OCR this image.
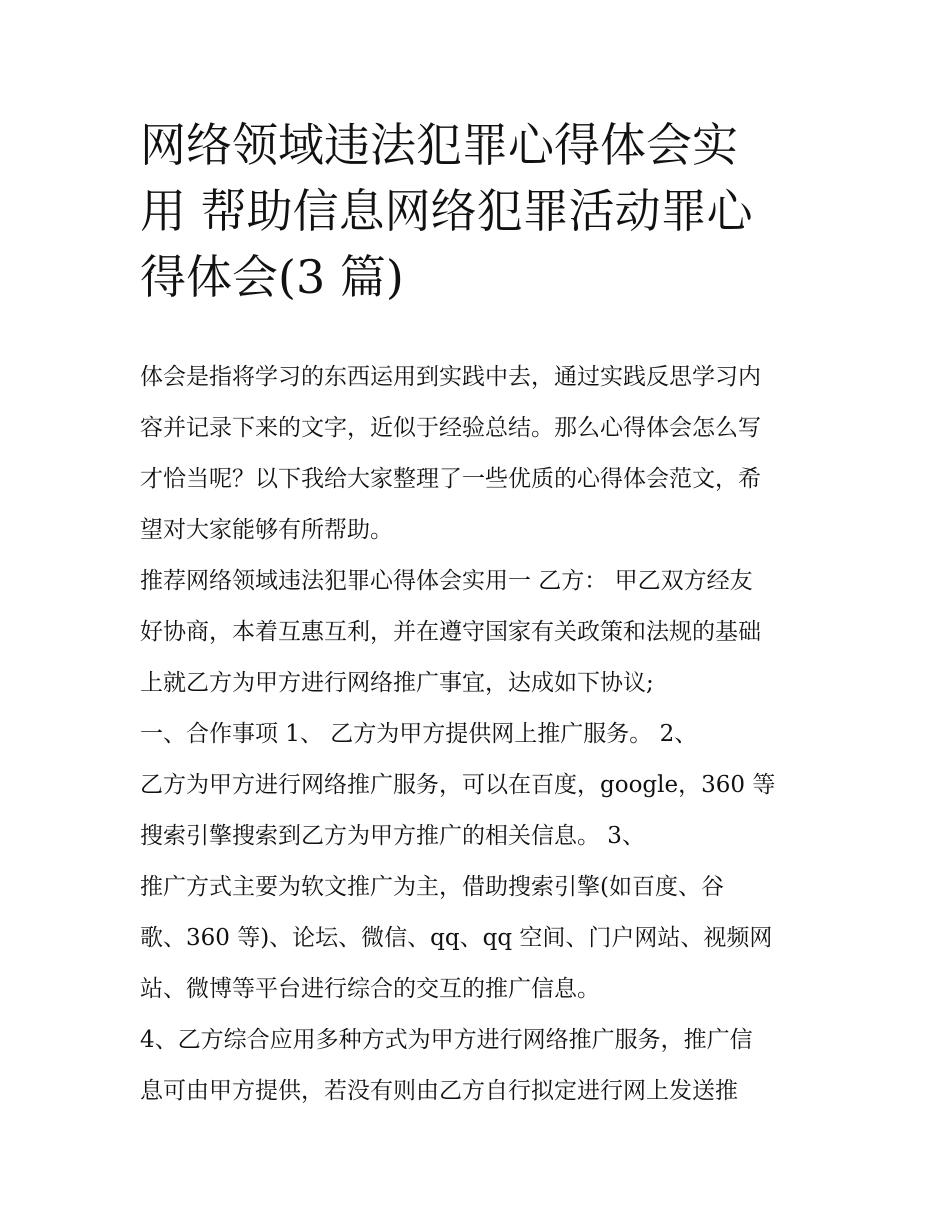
网络领域违法犯罪心得体会实
用 帮助信息网络犯罪活动罪心
得体会(3 篇)

体会是指将学习的东西运用到实践中去，通过实践反思学习内
容并记录下来的文字，近似于经验总结。那么心得体会怎么写
才恰当呢？以下我给大家整理了一些优质的心得体会范文，希
望对大家能够有所帮助。

推荐网络领域违法犯罪心得体会实用一 乙方： 甲乙双方经友
好协商，本着互惠互利，并在遵守国家有关政策和法规的基础
上就乙方为甲方进行网络推广事宜，达成如下协议;

一、合作事项 1、 乙方为甲方提供网上推广服务。 2、
乙方为甲方进行网络推广服务，可以在百度，google，360 等
搜索引擎搜索到乙方为甲方推广的相关信息。 3、
推广方式主要为软文推广为主，借助搜索引擎(如百度、谷
歌、360 等)、论坛、微信、qq、qq 空间、门户网站、视频网
站、微博等平台进行综合的交互的推广信息。

4、乙方综合应用多种方式为甲方进行网络推广服务，推广信
息可由甲方提供，若没有则由乙方自行拟定进行网上发送推
